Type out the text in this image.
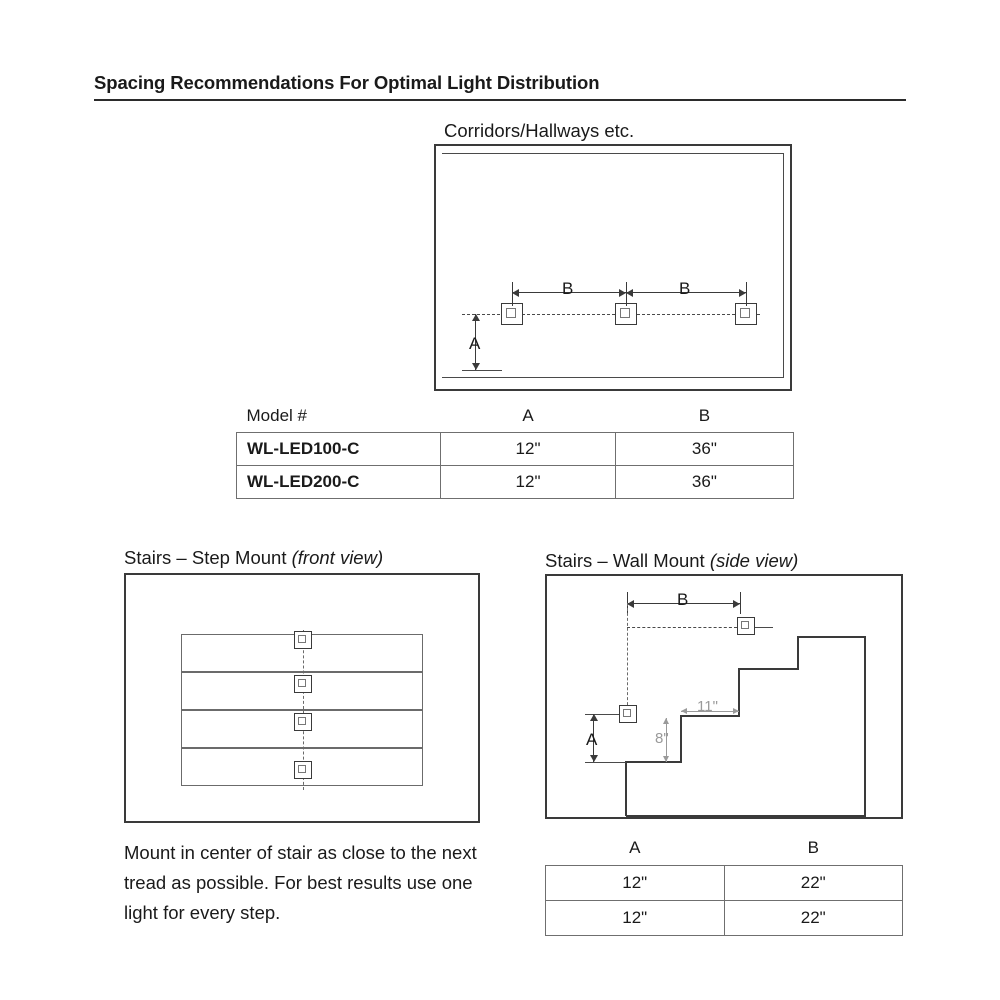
Spacing Recommendations For Optimal Light Distribution
Corridors/Hallways etc.
B	B
A
Model #	A	B
WL-LED100-C	12"	36"
WL-LED200-C	12"	36"
Stairs – Step Mount (front view)
Mount in center of stair as close to the next tread as possible. For best results use one light for every step.
Stairs – Wall Mount (side view)
B
A
11"
8"
A	B
12"	22"
12"	22"
